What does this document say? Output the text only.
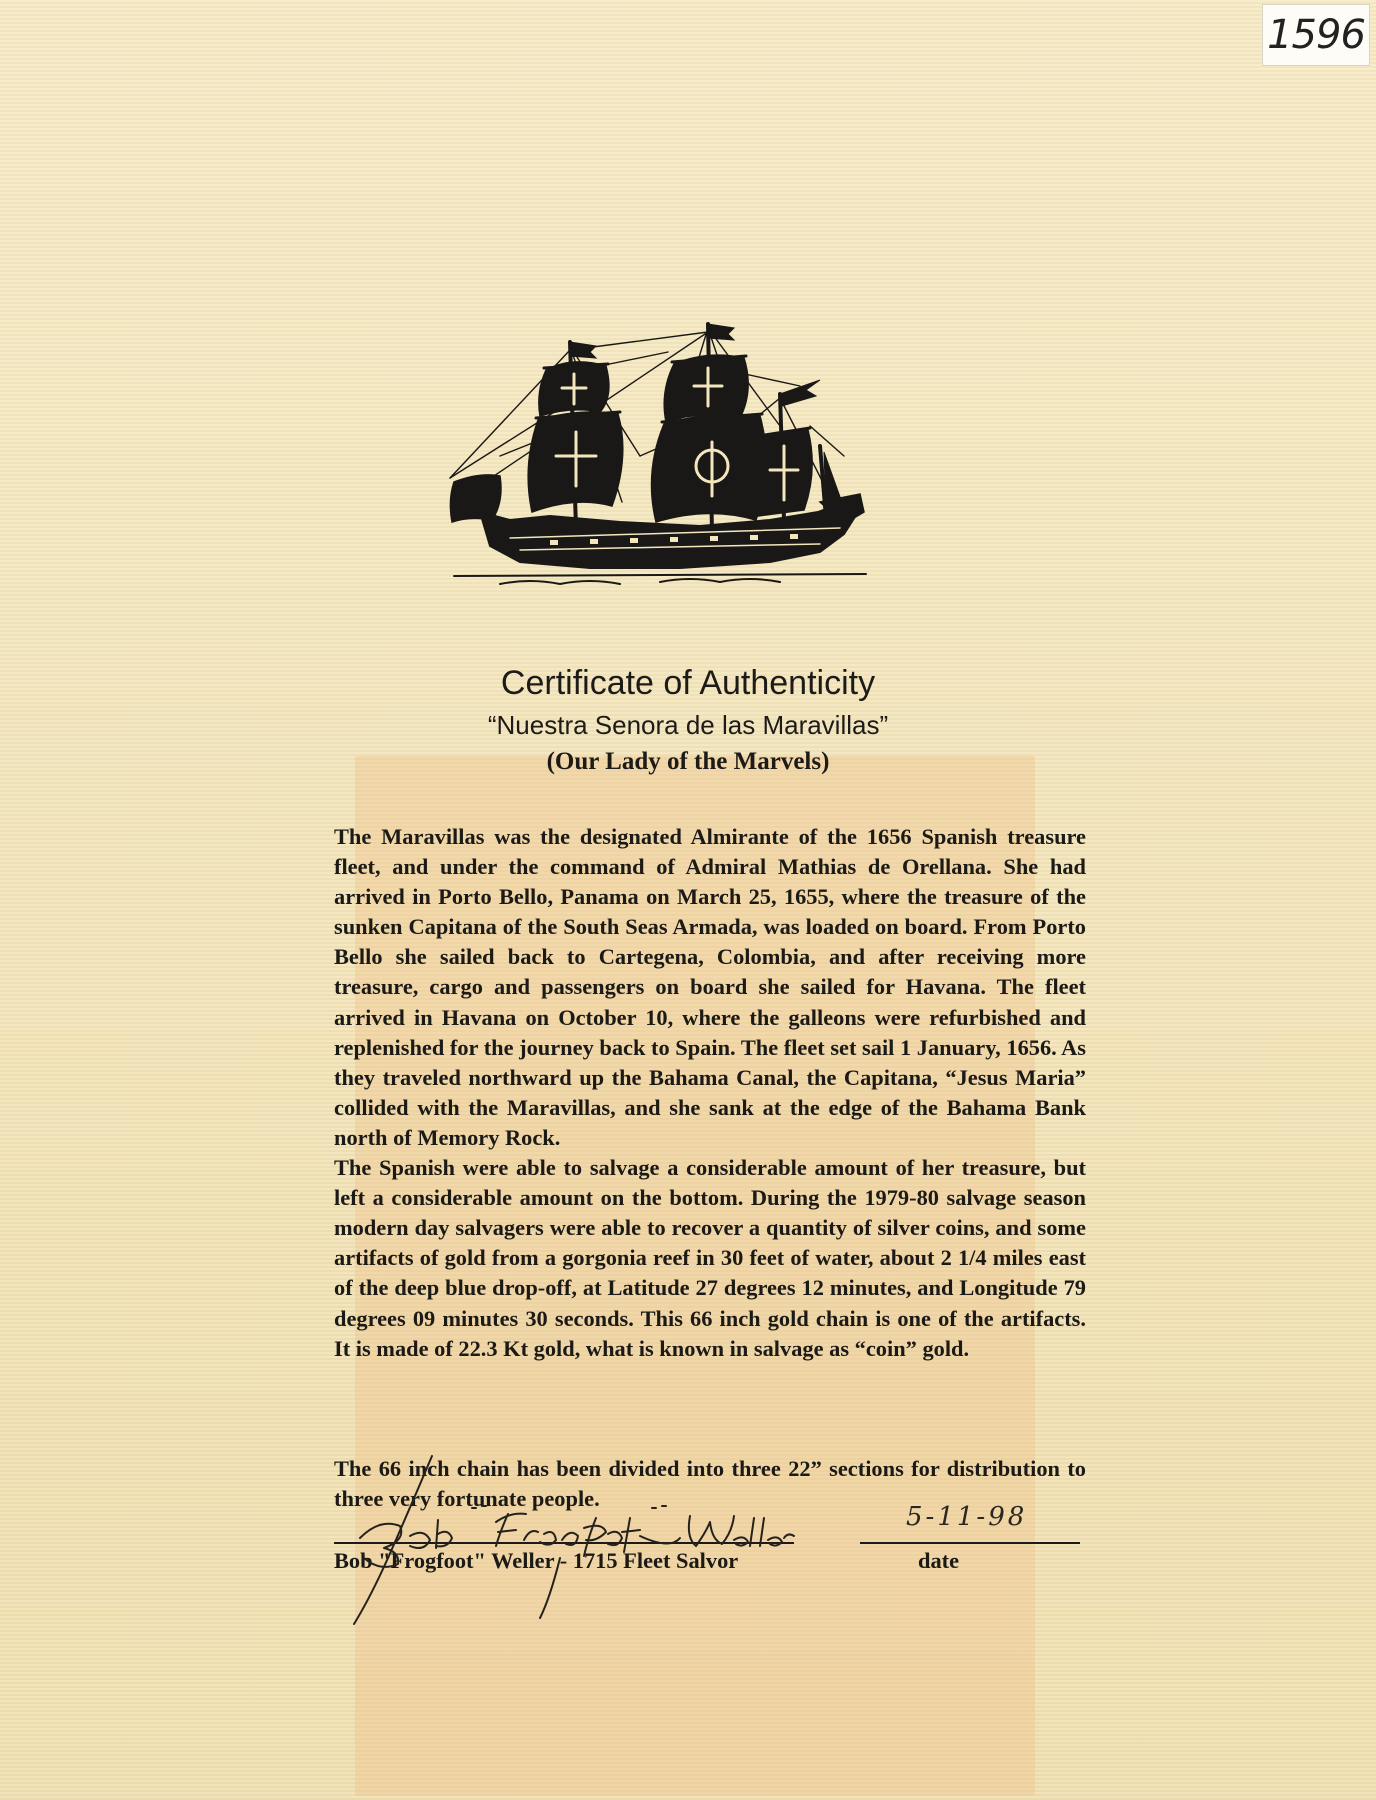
1596
Certificate of Authenticity
“Nuestra Senora de las Maravillas”
(Our Lady of the Marvels)

The Maravillas was the designated Almirante of the 1656 Spanish treasure fleet, and under the command of Admiral Mathias de Orellana. She had arrived in Porto Bello, Panama on March 25, 1655, where the treasure of the sunken Capitana of the South Seas Armada, was loaded on board. From Porto Bello she sailed back to Cartegena, Colombia, and after receiving more treasure, cargo and passengers on board she sailed for Havana. The fleet arrived in Havana on October 10, where the galleons were refurbished and replenished for the journey back to Spain. The fleet set sail 1 January, 1656. As they traveled northward up the Bahama Canal, the Capitana, “Jesus Maria” collided with the Maravillas, and she sank at the edge of the Bahama Bank north of Memory Rock.

The Spanish were able to salvage a considerable amount of her treasure, but left a considerable amount on the bottom. During the 1979-80 salvage season modern day salvagers were able to recover a quantity of silver coins, and some artifacts of gold from a gorgonia reef in 30 feet of water, about 2 1/4 miles east of the deep blue drop-off, at Latitude 27 degrees 12 minutes, and Longitude 79 degrees 09 minutes 30 seconds. This 66 inch gold chain is one of the artifacts. It is made of 22.3 Kt gold, what is known in salvage as “coin” gold.

The 66 inch chain has been divided into three 22” sections for distribution to three very fortunate people.

Bob "Frogfoot" Weller - 1715 Fleet Salvor	date
5-11-98
